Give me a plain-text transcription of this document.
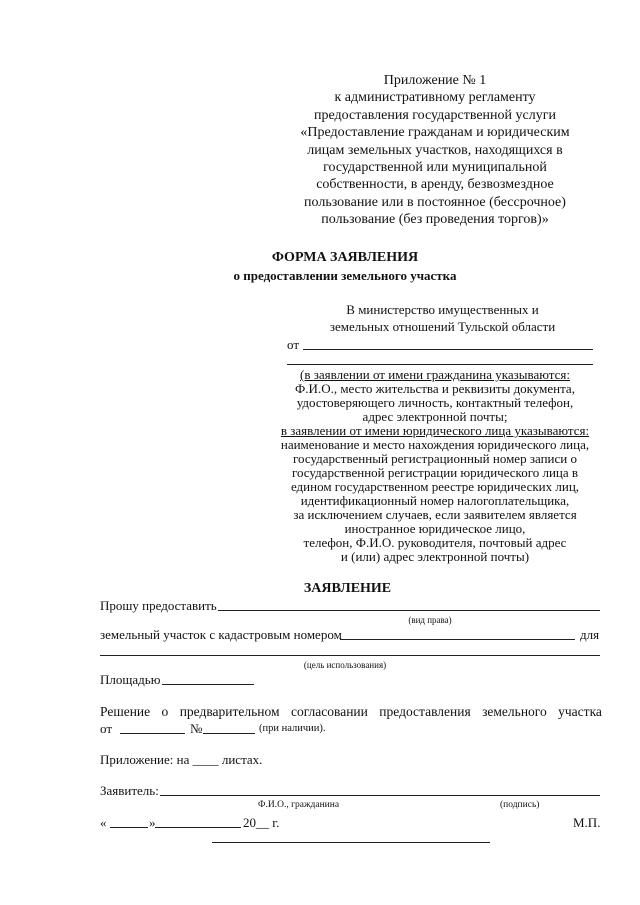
Приложение № 1
к административному регламенту
предоставления государственной услуги
«Предоставление гражданам и юридическим
лицам земельных участков, находящихся в
государственной или муниципальной
собственности, в аренду, безвозмездное
пользование или в постоянное (бессрочное)
пользование (без проведения торгов)»
ФОРМА ЗАЯВЛЕНИЯ
о предоставлении земельного участка
В министерство имущественных и
земельных отношений Тульской области
от
(в заявлении от имени гражданина указываются:
Ф.И.О., место жительства и реквизиты документа,
удостоверяющего личность, контактный телефон,
адрес электронной почты;
в заявлении от имени юридического лица указываются:
наименование и место нахождения юридического лица,
государственный регистрационный номер записи о
государственной регистрации юридического лица в
едином государственном реестре юридических лиц,
идентификационный номер налогоплательщика,
за исключением случаев, если заявителем является
иностранное юридическое лицо,
телефон, Ф.И.О. руководителя, почтовый адрес
и (или) адрес электронной почты)
ЗАЯВЛЕНИЕ
Прошу предоставить
(вид права)
земельный участок с кадастровым номером	для
(цель использования)
Площадью
Решение о предварительном согласовании предоставления земельного участка
от	№	(при наличии).
Приложение: на ____ листах.
Заявитель:
Ф.И.О., гражданина	(подпись)
«	»	20__ г.	М.П.
